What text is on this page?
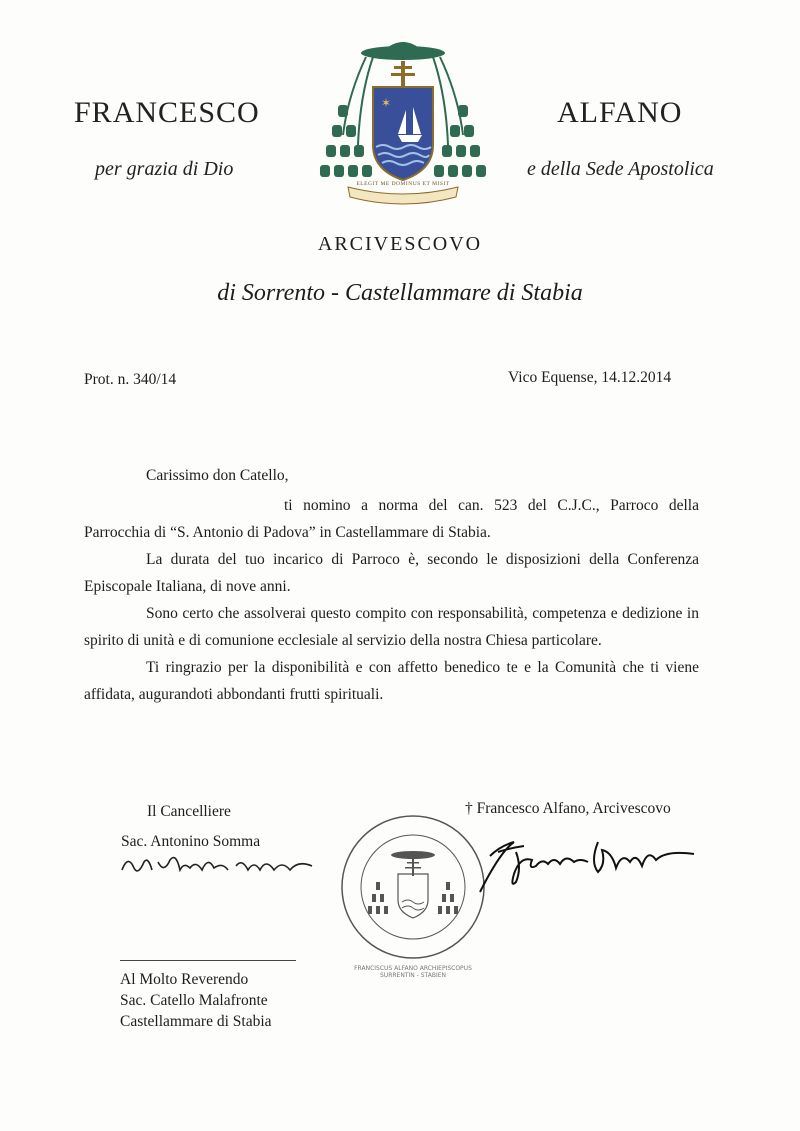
FRANCESCO	ALFANO
per grazia di Dio	e della Sede Apostolica
✶
ELEGIT ME DOMINUS ET MISIT
ARCIVESCOVO
di Sorrento - Castellammare di Stabia
Prot. n. 340/14	Vico Equense, 14.12.2014
Carissimo don Catello,

ti nomino a norma del can. 523 del C.J.C., Parroco della Parrocchia di “S. Antonio di Padova” in Castellammare di Stabia.

La durata del tuo incarico di Parroco è, secondo le disposizioni della Conferenza Episcopale Italiana, di nove anni.

Sono certo che assolverai questo compito con responsabilità, competenza e dedizione in spirito di unità e di comunione ecclesiale al servizio della nostra Chiesa particolare.

Ti ringrazio per la disponibilità e con affetto benedico te e la Comunità che ti viene affidata, augurandoti abbondanti frutti spirituali.

Il Cancelliere
Sac. Antonino Somma
† Francesco Alfano, Arcivescovo
FRANCISCUS ALFANO ARCHIEPISCOPUS SURRENTIN - STABIEN
Al Molto Reverendo
Sac. Catello Malafronte
Castellammare di Stabia
